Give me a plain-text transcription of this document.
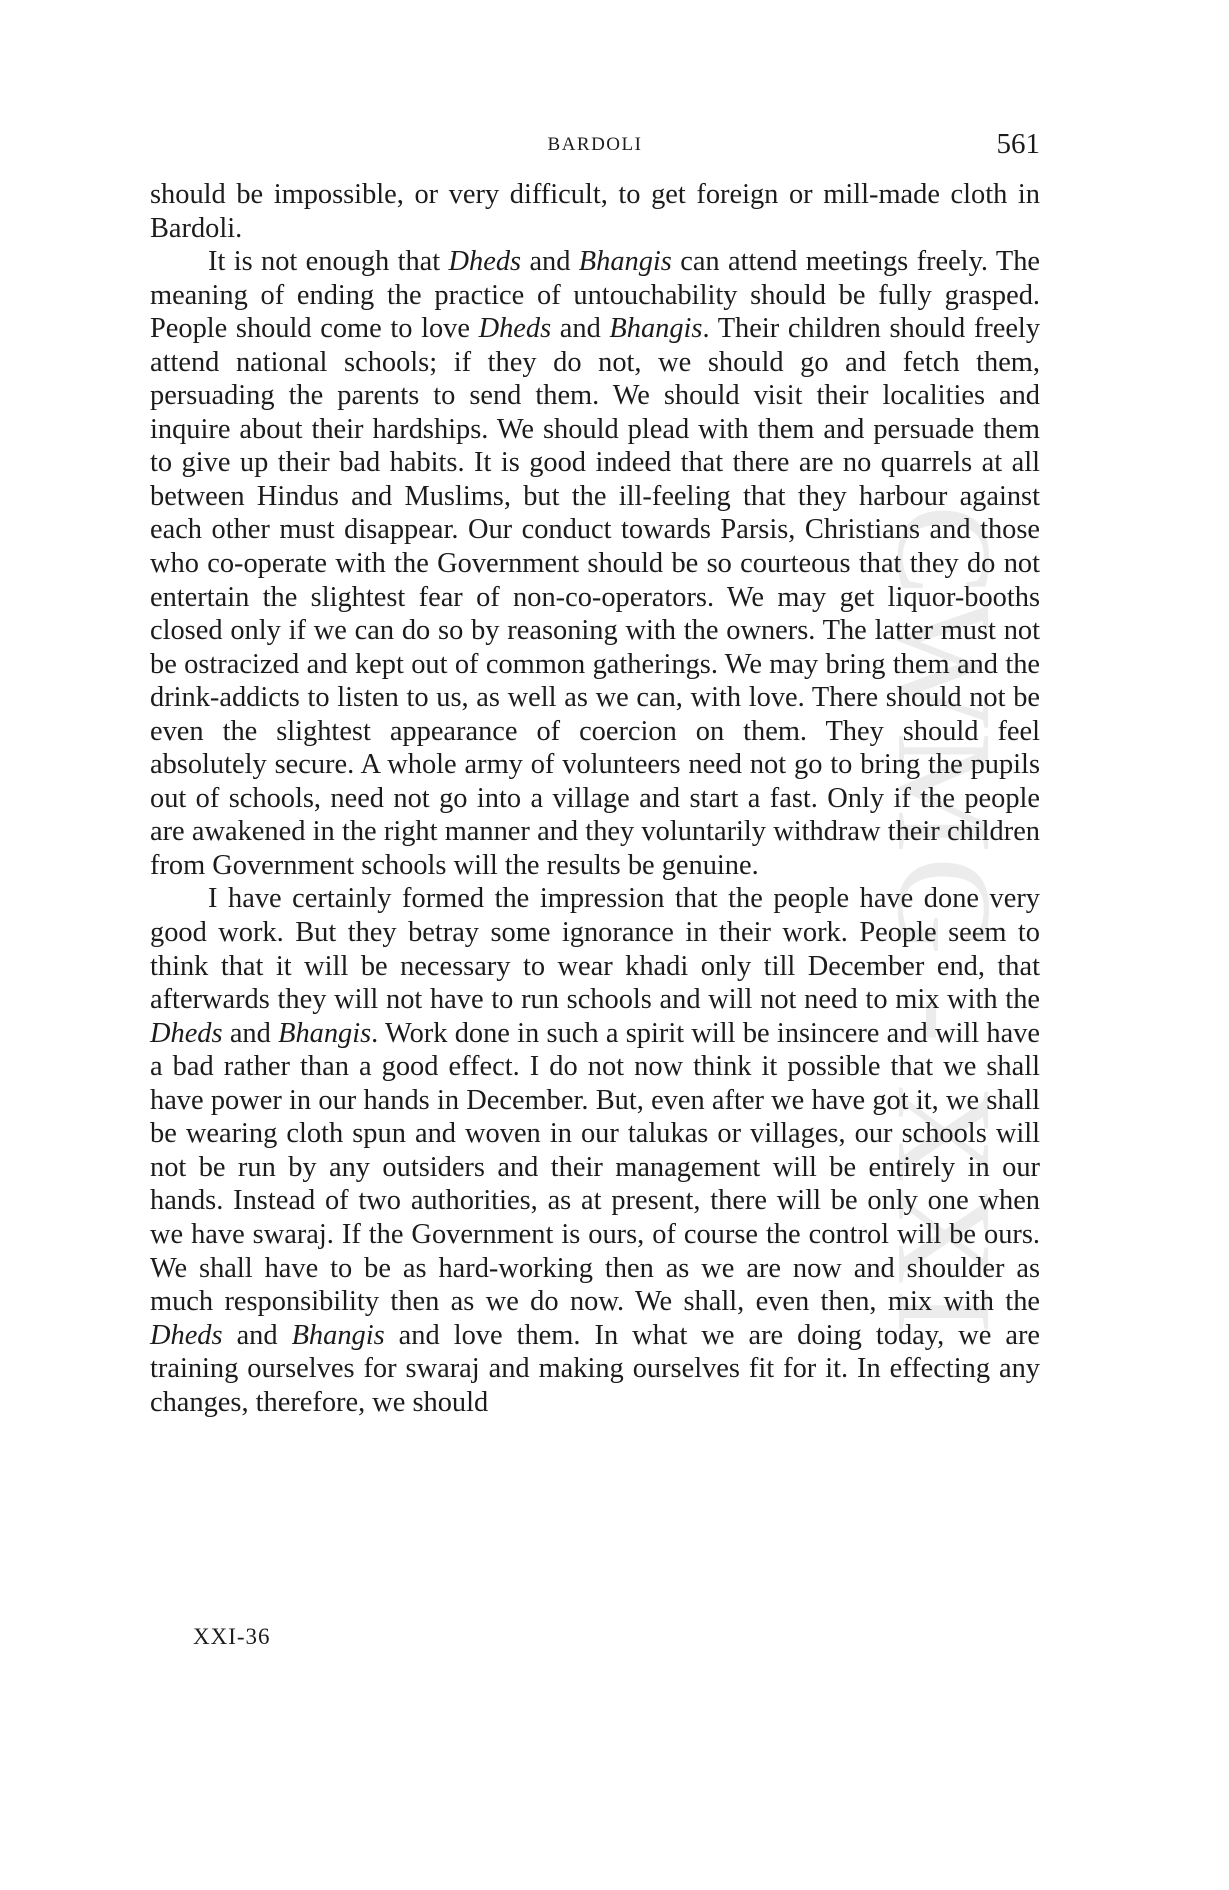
CWMG - XXI
BARDOLI	561

should be impossible, or very difficult, to get foreign or mill-made cloth in Bardoli.

It is not enough that Dheds and Bhangis can attend meetings freely. The meaning of ending the practice of untouchability should be fully grasped. People should come to love Dheds and Bhangis. Their children should freely attend national schools; if they do not, we should go and fetch them, persuading the parents to send them. We should visit their localities and inquire about their hardships. We should plead with them and persuade them to give up their bad habits. It is good indeed that there are no quarrels at all between Hindus and Muslims, but the ill-feeling that they harbour against each other must disappear. Our conduct towards Parsis, Christians and those who co-operate with the Government should be so courteous that they do not entertain the slightest fear of non-co-operators. We may get liquor-booths closed only if we can do so by reasoning with the owners. The latter must not be ostracized and kept out of common gatherings. We may bring them and the drink-addicts to listen to us, as well as we can, with love. There should not be even the slightest appearance of coercion on them. They should feel absolutely secure. A whole army of volunteers need not go to bring the pupils out of schools, need not go into a village and start a fast. Only if the people are awakened in the right manner and they voluntarily withdraw their children from Government schools will the results be genuine.

I have certainly formed the impression that the people have done very good work. But they betray some ignorance in their work. People seem to think that it will be necessary to wear khadi only till December end, that afterwards they will not have to run schools and will not need to mix with the Dheds and Bhangis. Work done in such a spirit will be insincere and will have a bad rather than a good effect. I do not now think it possible that we shall have power in our hands in December. But, even after we have got it, we shall be wearing cloth spun and woven in our talukas or villages, our schools will not be run by any outsiders and their management will be entirely in our hands. Instead of two authorities, as at present, there will be only one when we have swaraj. If the Government is ours, of course the control will be ours. We shall have to be as hard-working then as we are now and shoulder as much responsibility then as we do now. We shall, even then, mix with the Dheds and Bhangis and love them. In what we are doing today, we are training ourselves for swaraj and making ourselves fit for it. In effecting any changes, therefore, we should

XXI-36
